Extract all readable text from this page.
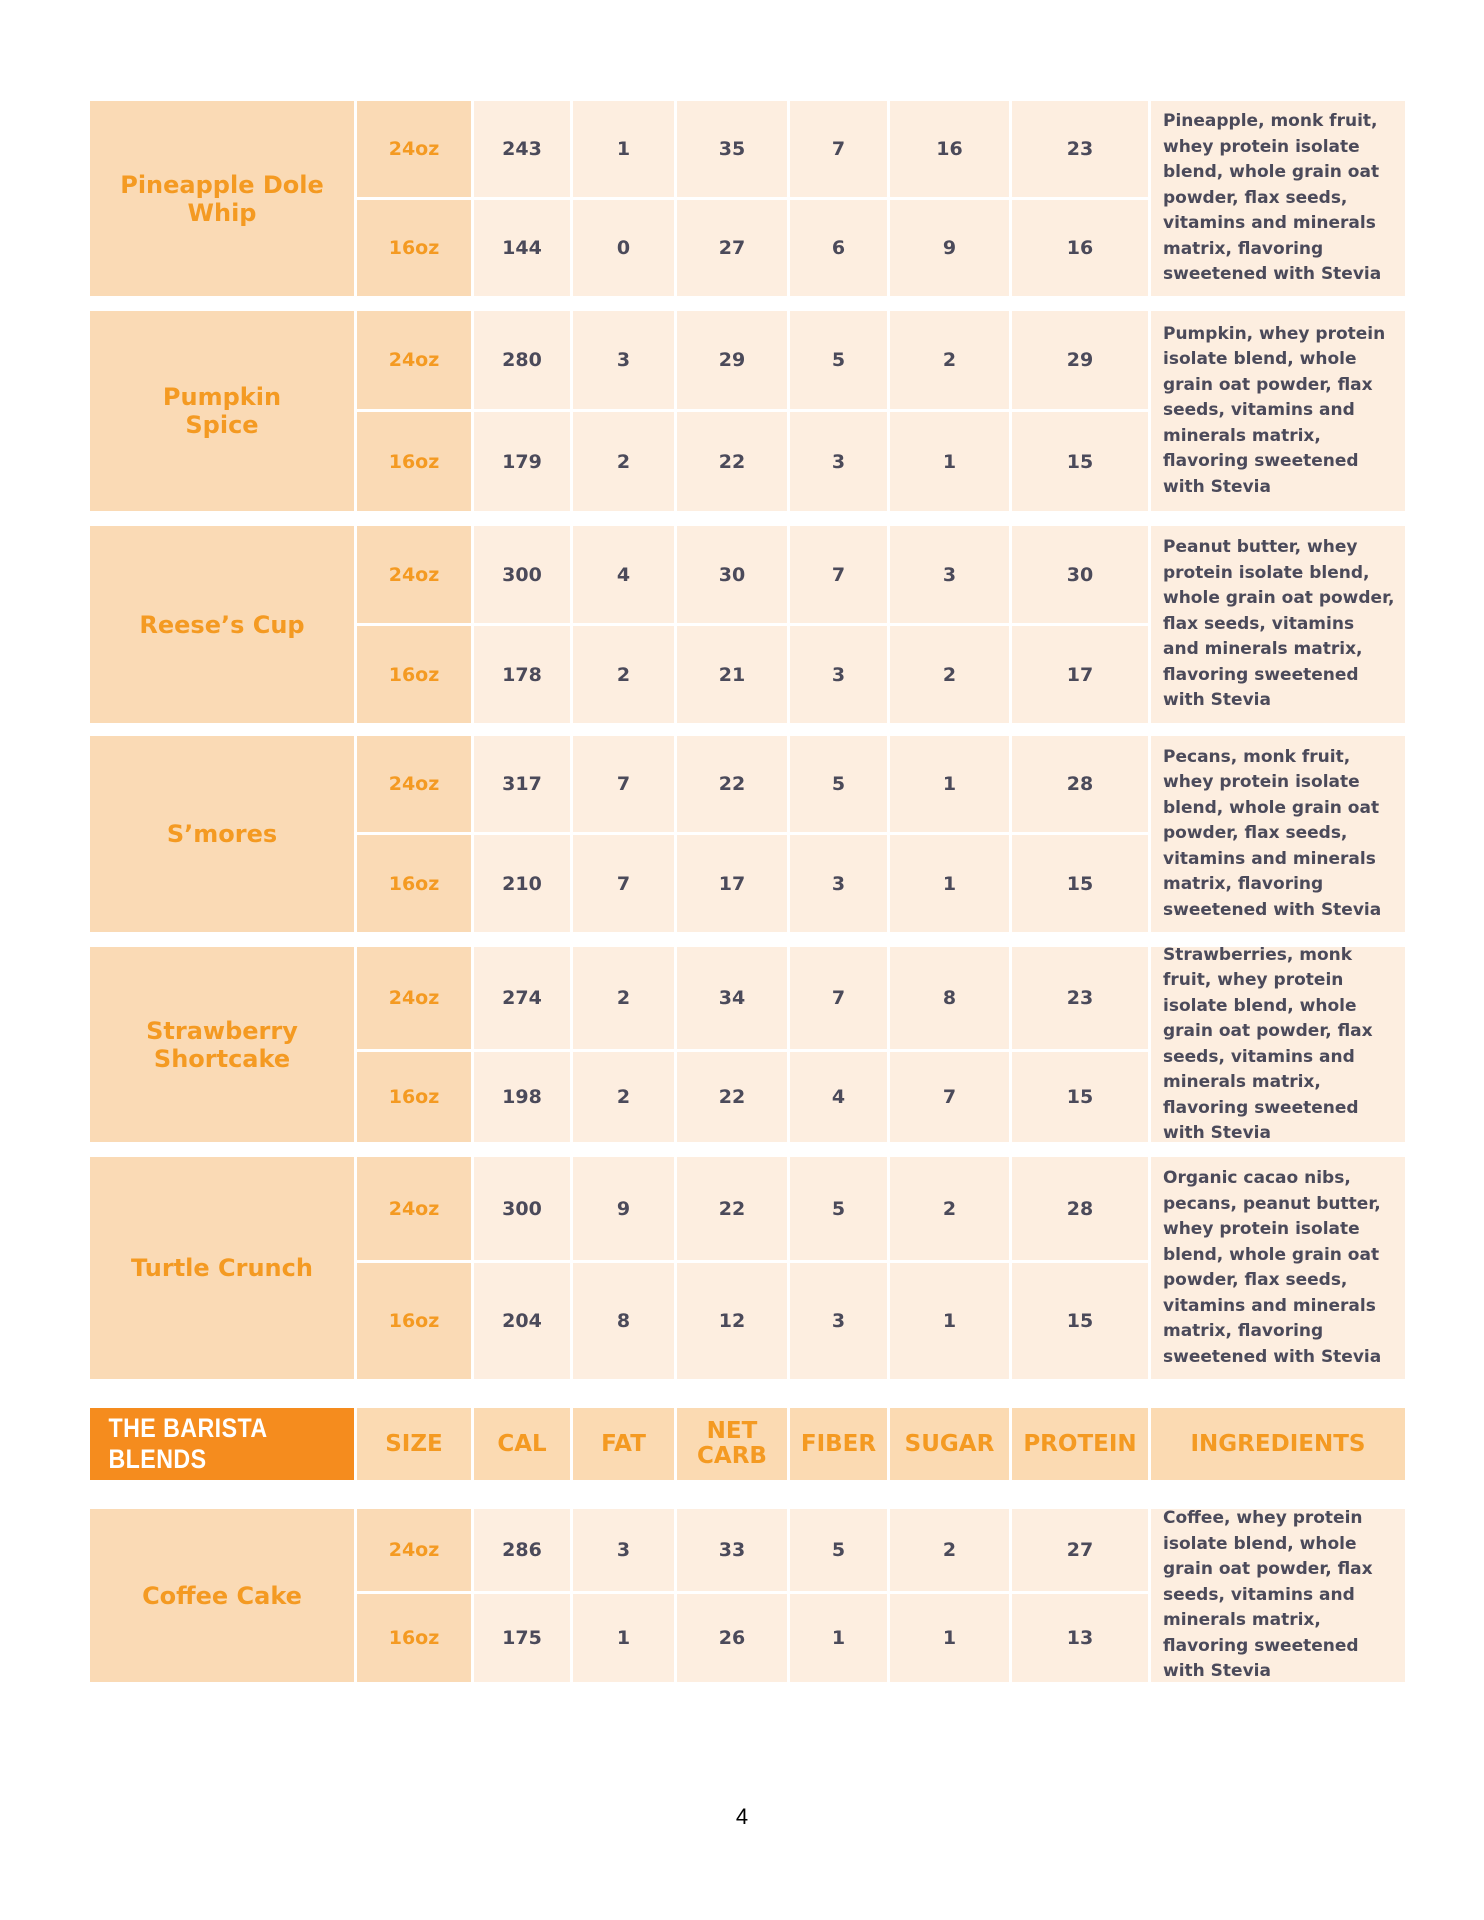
Pineapple Dole Whip
24oz	243	1	35	7	16	23
Pineapple, monk fruit, whey protein isolate blend, whole grain oat powder, flax seeds, vitamins and minerals matrix, flavoring sweetened with Stevia
16oz	144	0	27	6	9	16
Pumpkin Spice
24oz	280	3	29	5	2	29
Pumpkin, whey protein isolate blend, whole grain oat powder, flax seeds, vitamins and minerals matrix, flavoring sweetened with Stevia
16oz	179	2	22	3	1	15
Reese’s Cup
24oz	300	4	30	7	3	30
Peanut butter, whey protein isolate blend, whole grain oat powder, flax seeds, vitamins and minerals matrix, flavoring sweetened with Stevia
16oz	178	2	21	3	2	17
S’mores
24oz	317	7	22	5	1	28
Pecans, monk fruit, whey protein isolate blend, whole grain oat powder, flax seeds, vitamins and minerals matrix, flavoring sweetened with Stevia
16oz	210	7	17	3	1	15
Strawberry Shortcake
24oz	274	2	34	7	8	23
Strawberries, monk fruit, whey protein isolate blend, whole grain oat powder, flax seeds, vitamins and minerals matrix, flavoring sweetened with Stevia
16oz	198	2	22	4	7	15
Turtle Crunch
24oz	300	9	22	5	2	28
Organic cacao nibs, pecans, peanut butter, whey protein isolate blend, whole grain oat powder, flax seeds, vitamins and minerals matrix, flavoring sweetened with Stevia
16oz	204	8	12	3	1	15
THE BARISTA BLENDS
SIZE	CAL	FAT	NET CARB	FIBER	SUGAR	PROTEIN	INGREDIENTS
Coffee Cake
24oz	286	3	33	5	2	27
Coffee, whey protein isolate blend, whole grain oat powder, flax seeds, vitamins and minerals matrix, flavoring sweetened with Stevia
16oz	175	1	26	1	1	13
4
